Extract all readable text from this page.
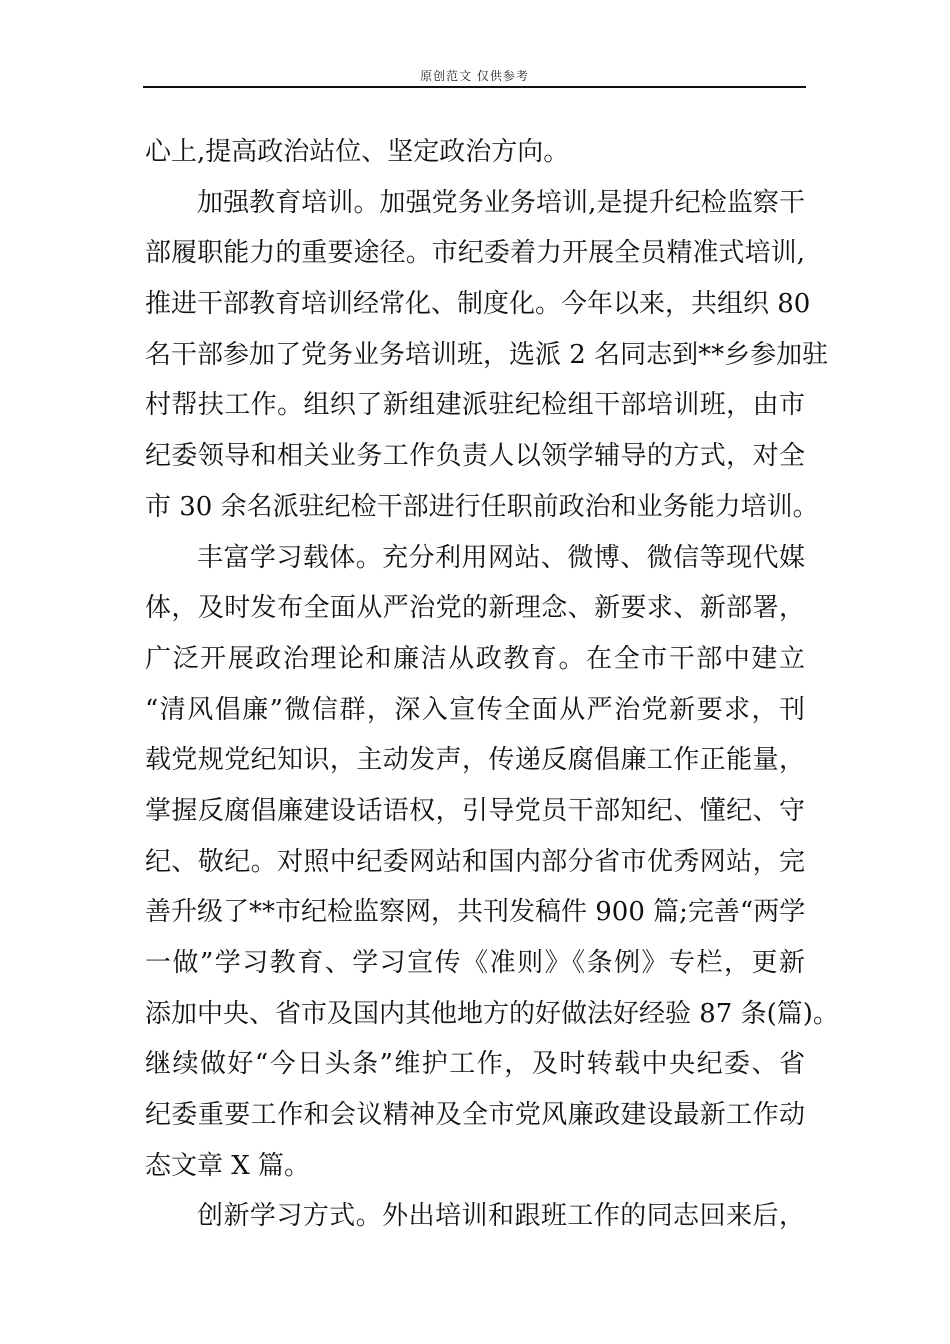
原创范文 仅供参考
心上,提高政治站位、坚定政治方向。
加强教育培训。加强党务业务培训,是提升纪检监察干
部履职能力的重要途径。市纪委着力开展全员精准式培训,
推进干部教育培训经常化、制度化。今年以来，共组织 80
名干部参加了党务业务培训班，选派 2 名同志到**乡参加驻
村帮扶工作。组织了新组建派驻纪检组干部培训班，由市
纪委领导和相关业务工作负责人以领学辅导的方式，对全
市 30 余名派驻纪检干部进行任职前政治和业务能力培训。
丰富学习载体。充分利用网站、微博、微信等现代媒
体，及时发布全面从严治党的新理念、新要求、新部署，
广泛开展政治理论和廉洁从政教育。在全市干部中建立
“清风倡廉”微信群，深入宣传全面从严治党新要求，刊
载党规党纪知识，主动发声，传递反腐倡廉工作正能量，
掌握反腐倡廉建设话语权，引导党员干部知纪、懂纪、守
纪、敬纪。对照中纪委网站和国内部分省市优秀网站，完
善升级了**市纪检监察网，共刊发稿件 900 篇;完善“两学
一做”学习教育、学习宣传《准则》《条例》专栏，更新
添加中央、省市及国内其他地方的好做法好经验 87 条(篇)。
继续做好“今日头条”维护工作，及时转载中央纪委、省
纪委重要工作和会议精神及全市党风廉政建设最新工作动
态文章 X 篇。
创新学习方式。外出培训和跟班工作的同志回来后，
